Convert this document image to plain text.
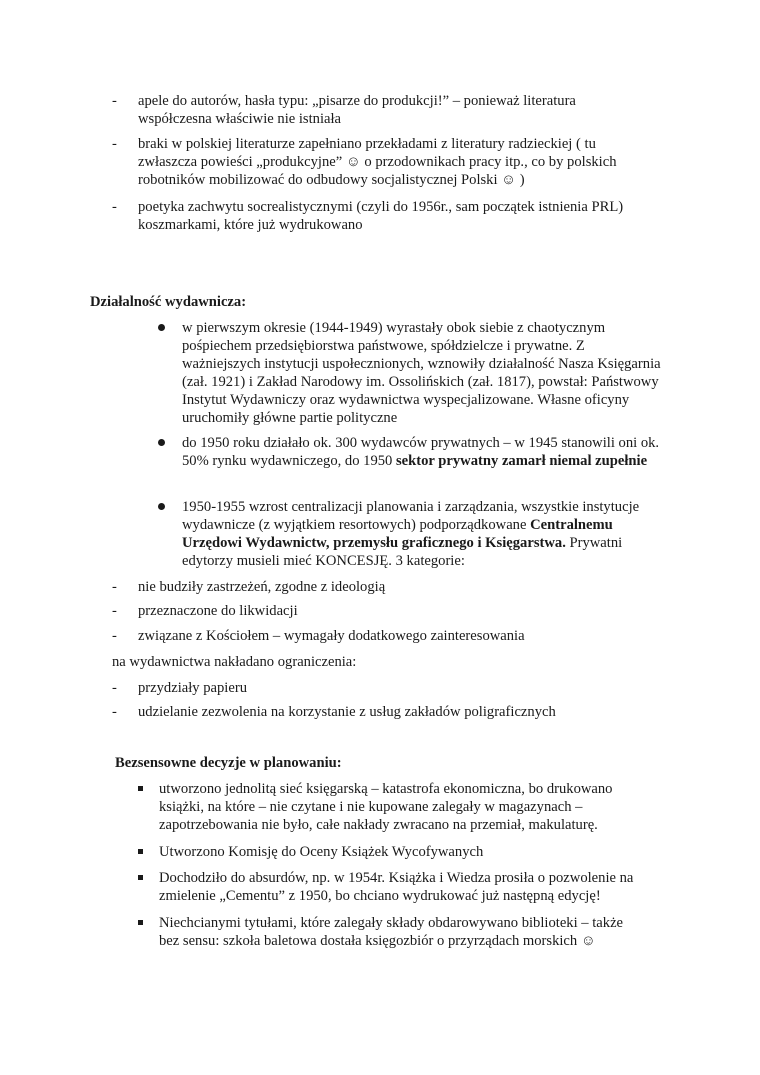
-	apele do autorów, hasła typu: „pisarze do produkcji!” – ponieważ literatura współczesna właściwie nie istniała
-	braki w polskiej literaturze zapełniano przekładami z literatury radzieckiej ( tu zwłaszcza powieści „produkcyjne” ☺ o przodownikach pracy itp., co by polskich robotników mobilizować do odbudowy socjalistycznej Polski ☺ )
-	poetyka zachwytu socrealistycznymi (czyli do 1956r., sam początek istnienia PRL) koszmarkami, które już wydrukowano
Działalność wydawnicza:
w pierwszym okresie (1944-1949) wyrastały obok siebie z chaotycznym pośpiechem przedsiębiorstwa państwowe, spółdzielcze i prywatne. Z ważniejszych instytucji uspołecznionych, wznowiły działalność Nasza Księgarnia (zał. 1921) i Zakład Narodowy im. Ossolińskich (zał. 1817), powstał: Państwowy Instytut Wydawniczy oraz wydawnictwa wyspecjalizowane. Własne oficyny uruchomiły główne partie polityczne
do 1950 roku działało ok. 300 wydawców prywatnych – w 1945 stanowili oni ok. 50% rynku wydawniczego, do 1950 sektor prywatny zamarł niemal zupełnie
1950-1955 wzrost centralizacji planowania i zarządzania, wszystkie instytucje wydawnicze (z wyjątkiem resortowych) podporządkowane Centralnemu Urzędowi Wydawnictw, przemysłu graficznego i Księgarstwa. Prywatni edytorzy musieli mieć KONCESJĘ. 3 kategorie:
-	nie budziły zastrzeżeń, zgodne z ideologią
-	przeznaczone do likwidacji
-	związane z Kościołem – wymagały dodatkowego zainteresowania
na wydawnictwa nakładano ograniczenia:
-	przydziały papieru
-	udzielanie zezwolenia na korzystanie z usług zakładów poligraficznych
Bezsensowne decyzje w planowaniu:
utworzono jednolitą sieć księgarską – katastrofa ekonomiczna, bo drukowano książki, na które – nie czytane i nie kupowane zalegały w magazynach – zapotrzebowania nie było, całe nakłady zwracano na przemiał, makulaturę.
Utworzono Komisję do Oceny Książek Wycofywanych
Dochodziło do absurdów, np. w 1954r. Książka i Wiedza prosiła o pozwolenie na zmielenie „Cementu” z 1950, bo chciano wydrukować już następną edycję!
Niechcianymi tytułami, które zalegały składy obdarowywano biblioteki – także bez sensu: szkoła baletowa dostała księgozbiór o przyrządach morskich ☺
